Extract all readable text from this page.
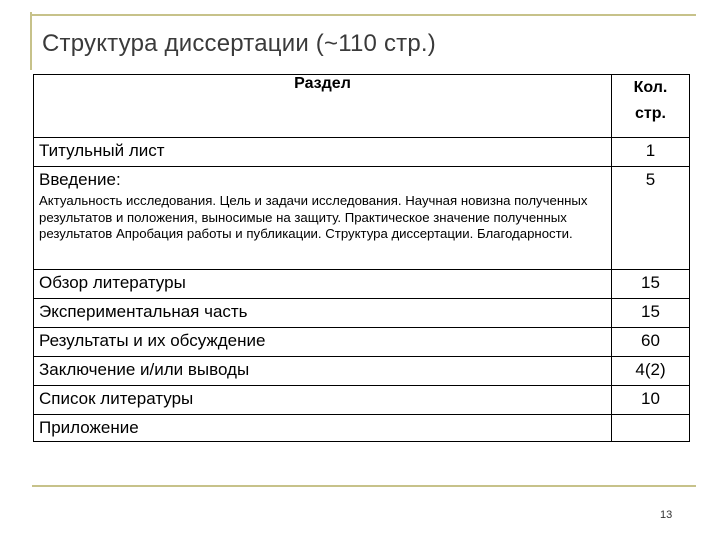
Структура диссертации (~110 стр.)
Раздел	Кол.
стр.

Титульный лист	1

Введение:
Актуальность исследования. Цель и задачи исследования. Научная новизна полученных результатов и положения, выносимые на защиту. Практическое значение полученных результатов Апробация работы и публикации. Структура диссертации. Благодарности.	5
Обзор литературы	15
Экспериментальная часть	15
Результаты и их обсуждение	60
Заключение и/или выводы	4(2)
Список литературы	10
Приложение	
13
